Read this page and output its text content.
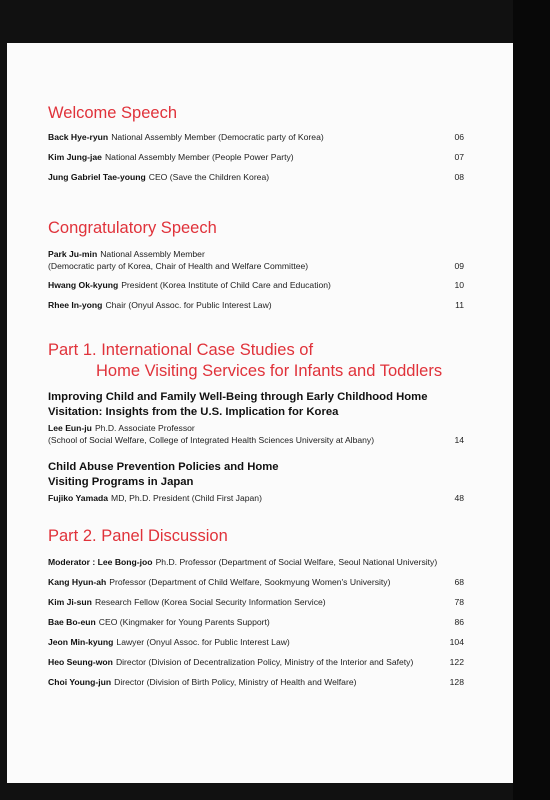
Welcome Speech
Back Hye-ryun National Assembly Member (Democratic party of Korea)	06
Kim Jung-jae National Assembly Member (People Power Party)	07
Jung Gabriel Tae-young CEO (Save the Children Korea)	08
Congratulatory Speech
Park Ju-min National Assembly Member
(Democratic party of Korea, Chair of Health and Welfare Committee)	09
Hwang Ok-kyung President (Korea Institute of Child Care and Education)	10
Rhee In-yong Chair (Onyul Assoc. for Public Interest Law)	11
Part 1. International Case Studies of
Home Visiting Services for Infants and Toddlers
Improving Child and Family Well-Being through Early Childhood Home
Visitation: Insights from the U.S. Implication for Korea
Lee Eun-ju Ph.D. Associate Professor
(School of Social Welfare, College of Integrated Health Sciences University at Albany)	14
Child Abuse Prevention Policies and Home
Visiting Programs in Japan
Fujiko Yamada MD, Ph.D. President (Child First Japan)	48
Part 2. Panel Discussion
Moderator : Lee Bong-joo Ph.D. Professor (Department of Social Welfare, Seoul National University)
Kang Hyun-ah Professor (Department of Child Welfare, Sookmyung Women's University)	68
Kim Ji-sun Research Fellow (Korea Social Security Information Service)	78
Bae Bo-eun CEO (Kingmaker for Young Parents Support)	86
Jeon Min-kyung Lawyer (Onyul Assoc. for Public Interest Law)	104
Heo Seung-won Director (Division of Decentralization Policy, Ministry of the Interior and Safety)	122
Choi Young-jun Director (Division of Birth Policy, Ministry of Health and Welfare)	128
